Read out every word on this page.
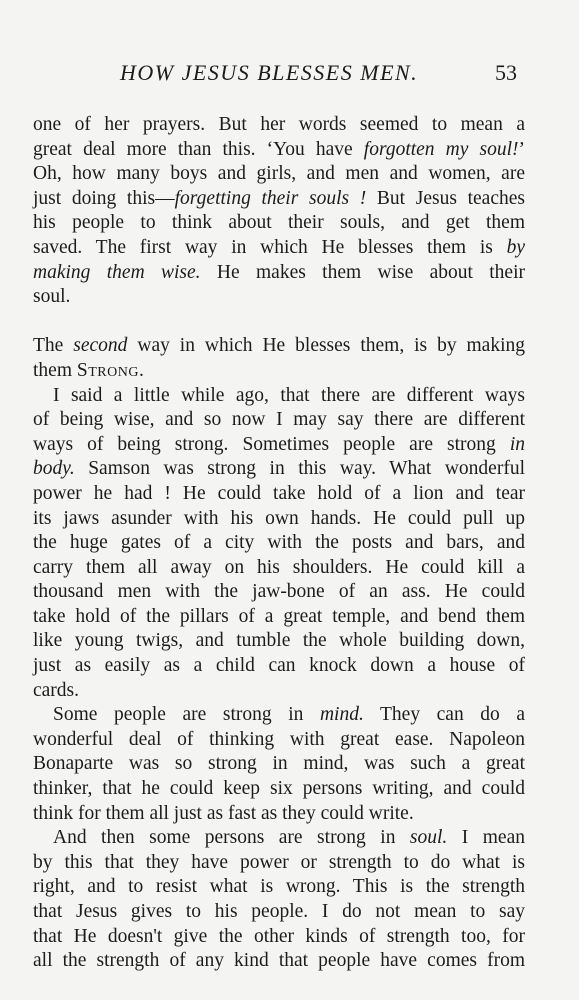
HOW JESUS BLESSES MEN.	53
one of her prayers. But her words seemed to mean a
great deal more than this. ‘You have forgotten my soul!’
Oh, how many boys and girls, and men and women, are
just doing this—forgetting their souls ! But Jesus teaches
his people to think about their souls, and get them
saved. The first way in which He blesses them is by
making them wise. He makes them wise about their
soul.
The second way in which He blesses them, is by making
them Strong.
I said a little while ago, that there are different ways
of being wise, and so now I may say there are different
ways of being strong. Sometimes people are strong in
body. Samson was strong in this way. What wonderful
power he had ! He could take hold of a lion and tear
its jaws asunder with his own hands. He could pull up
the huge gates of a city with the posts and bars, and
carry them all away on his shoulders. He could kill a
thousand men with the jaw-bone of an ass. He could
take hold of the pillars of a great temple, and bend them
like young twigs, and tumble the whole building down,
just as easily as a child can knock down a house of
cards.
Some people are strong in mind. They can do a
wonderful deal of thinking with great ease. Napoleon
Bonaparte was so strong in mind, was such a great
thinker, that he could keep six persons writing, and could
think for them all just as fast as they could write.
And then some persons are strong in soul. I mean
by this that they have power or strength to do what is
right, and to resist what is wrong. This is the strength
that Jesus gives to his people. I do not mean to say
that He doesn't give the other kinds of strength too, for
all the strength of any kind that people have comes from
